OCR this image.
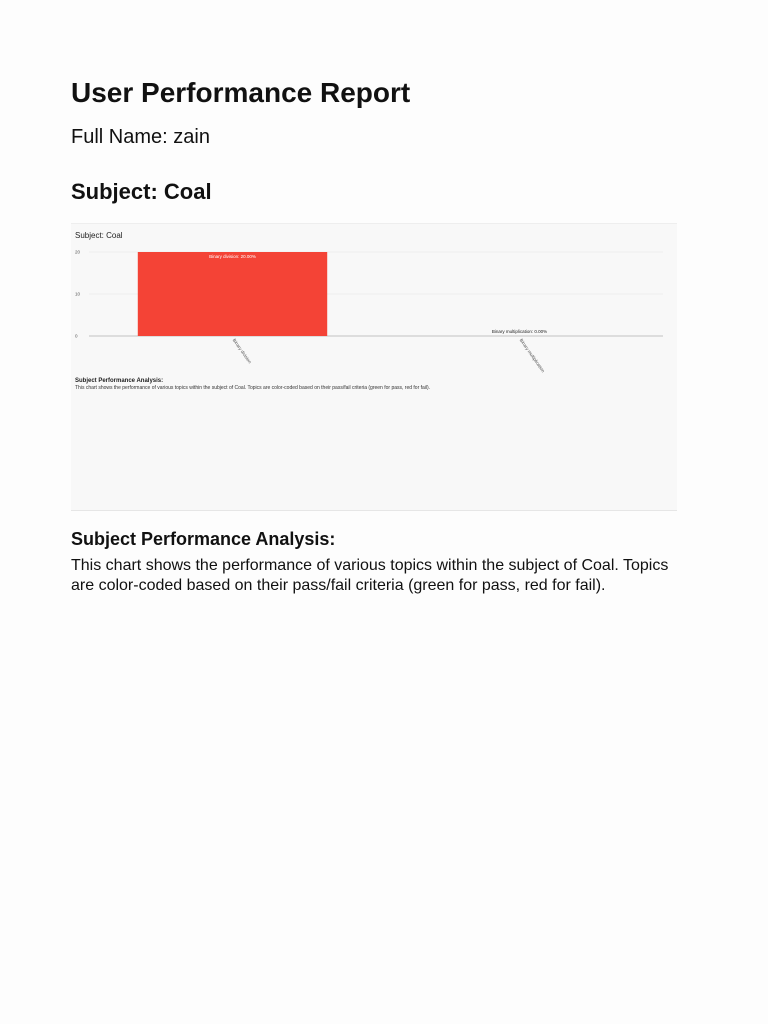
User Performance Report
Full Name: zain
Subject: Coal
Subject: Coal
0
10
20
Binary division: 20.00%
Binary division
Binary multiplication: 0.00%
Binary multiplication
Subject Performance Analysis:
This chart shows the performance of various topics within the subject of Coal. Topics are color-coded based on their pass/fail criteria (green for pass, red for fail).
Subject Performance Analysis:

This chart shows the performance of various topics within the subject of Coal. Topics are color-coded based on their pass/fail criteria (green for pass, red for fail).
